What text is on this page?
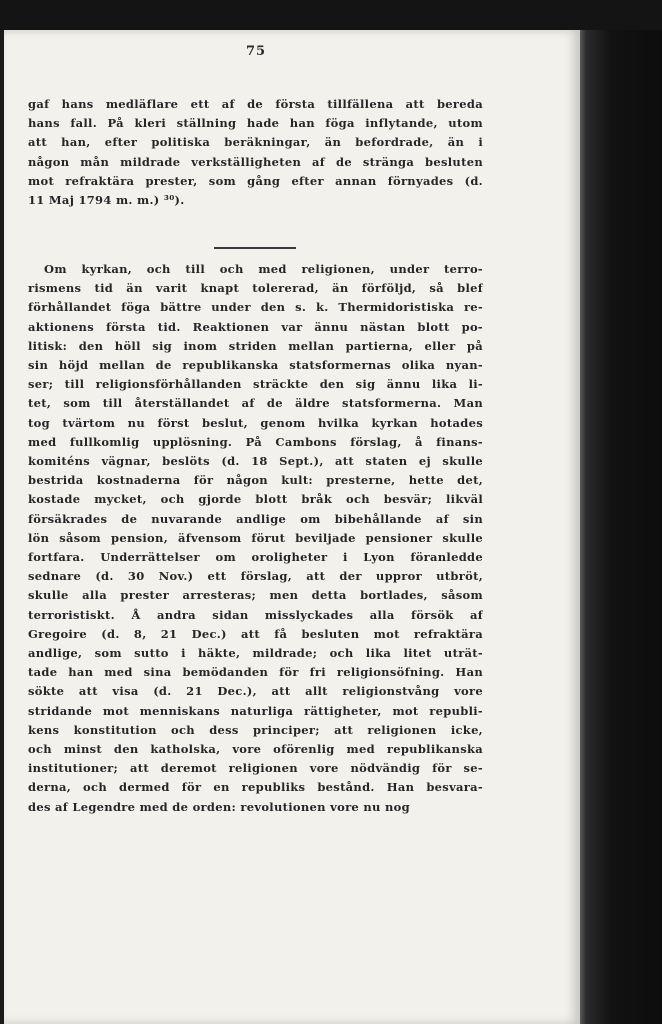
75
gaf hans medläflare ett af de första tillfällena att bereda
hans fall. På kleri ställning hade han föga inflytande, utom
att han, efter politiska beräkningar, än befordrade, än i
någon mån mildrade verkställigheten af de stränga besluten
mot refraktära prester, som gång efter annan förnyades (d.
11 Maj 1794 m. m.) ³⁰).
Om kyrkan, och till och med religionen, under terro-
rismens tid än varit knapt tolererad, än förföljd, så blef
förhållandet föga bättre under den s. k. Thermidoristiska re-
aktionens första tid. Reaktionen var ännu nästan blott po-
litisk: den höll sig inom striden mellan partierna, eller på
sin höjd mellan de republikanska statsformernas olika nyan-
ser; till religionsförhållanden sträckte den sig ännu lika li-
tet, som till återställandet af de äldre statsformerna. Man
tog tvärtom nu först beslut, genom hvilka kyrkan hotades
med fullkomlig upplösning. På Cambons förslag, å finans-
komiténs vägnar, beslöts (d. 18 Sept.), att staten ej skulle
bestrida kostnaderna för någon kult: presterne, hette det,
kostade mycket, och gjorde blott bråk och besvär; likväl
försäkrades de nuvarande andlige om bibehållande af sin
lön såsom pension, äfvensom förut beviljade pensioner skulle
fortfara. Underrättelser om oroligheter i Lyon föranledde
sednare (d. 30 Nov.) ett förslag, att der uppror utbröt,
skulle alla prester arresteras; men detta bortlades, såsom
terroristiskt. Å andra sidan misslyckades alla försök af
Gregoire (d. 8, 21 Dec.) att få besluten mot refraktära
andlige, som sutto i häkte, mildrade; och lika litet uträt-
tade han med sina bemödanden för fri religionsöfning. Han
sökte att visa (d. 21 Dec.), att allt religionstvång vore
stridande mot menniskans naturliga rättigheter, mot republi-
kens konstitution och dess principer; att religionen icke,
och minst den katholska, vore oförenlig med republikanska
institutioner; att deremot religionen vore nödvändig för se-
derna, och dermed för en republiks bestånd. Han besvara-
des af Legendre med de orden: revolutionen vore nu nog
